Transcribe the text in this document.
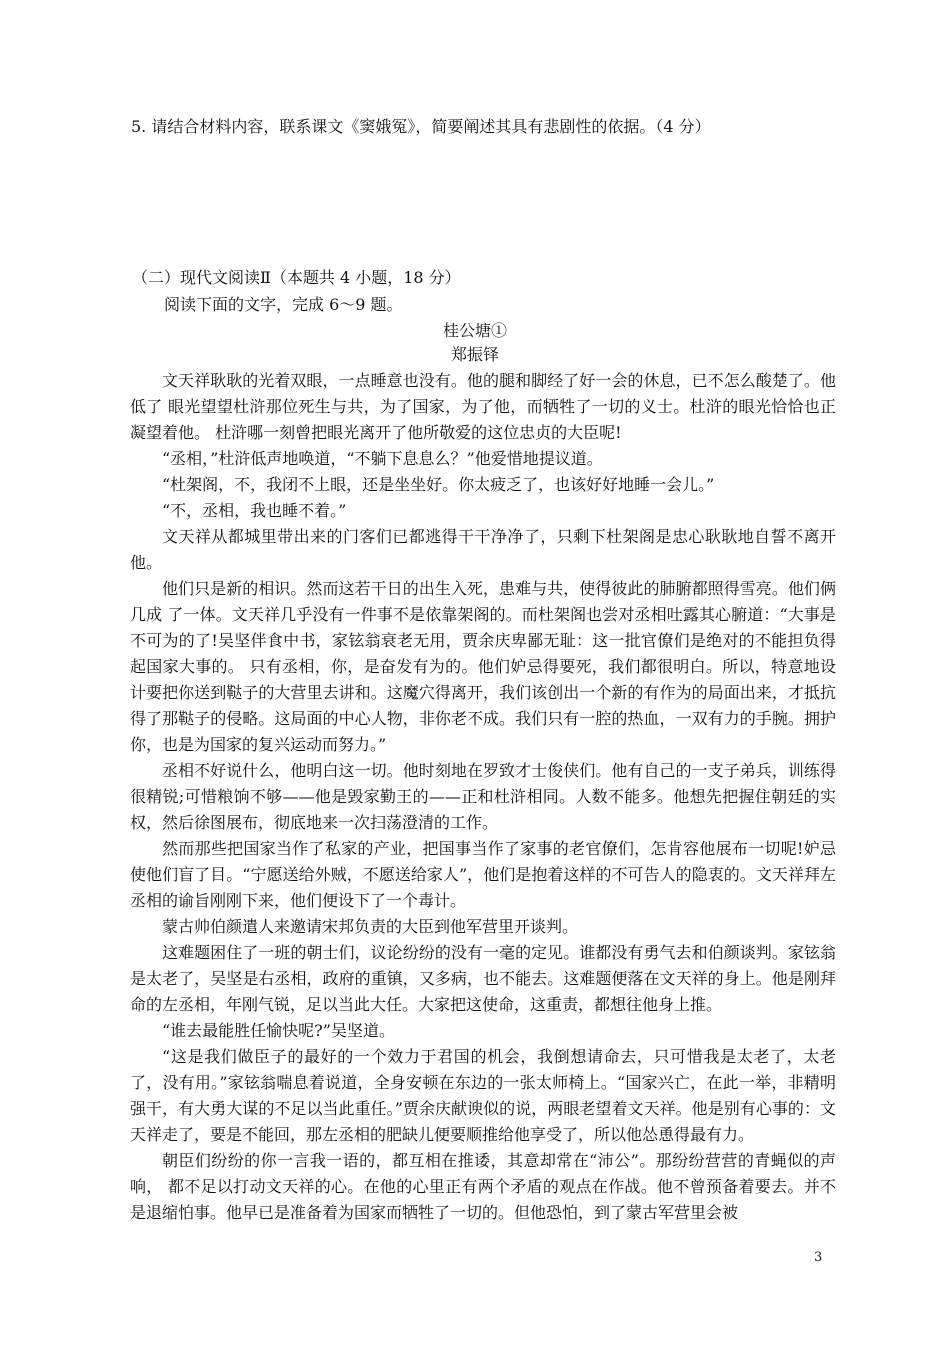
5. 请结合材料内容，联系课文《窦娥冤》，简要阐述其具有悲剧性的依据。（4 分）
（二）现代文阅读Ⅱ（本题共 4 小题，18 分）
阅读下面的文字，完成 6～9 题。
桂公塘①
郑振铎

文天祥耿耿的光着双眼，一点睡意也没有。他的腿和脚经了好一会的休息，已不怎么酸楚了。他低了 眼光望望杜浒那位死生与共，为了国家，为了他，而牺牲了一切的义士。杜浒的眼光恰恰也正凝望着他。 杜浒哪一刻曾把眼光离开了他所敬爱的这位忠贞的大臣呢!

“丞相，”杜浒低声地唤道，“不躺下息息么？”他爱惜地提议道。

“杜架阁，不，我闭不上眼，还是坐坐好。你太疲乏了，也该好好地睡一会儿。”

“不，丞相，我也睡不着。”

文天祥从都城里带出来的门客们已都逃得干干净净了，只剩下杜架阁是忠心耿耿地自誓不离开他。

他们只是新的相识。然而这若干日的出生入死，患难与共，使得彼此的肺腑都照得雪亮。他们俩几成 了一体。文天祥几乎没有一件事不是依靠架阁的。而杜架阁也尝对丞相吐露其心腑道：“大事是不可为的了!吴坚伴食中书，家铉翁衰老无用，贾余庆卑鄙无耻：这一批官僚们是绝对的不能担负得起国家大事的。 只有丞相，你，是奋发有为的。他们妒忌得要死，我们都很明白。所以，特意地设计要把你送到鞑子的大营里去讲和。这魔穴得离开，我们该创出一个新的有作为的局面出来，才抵抗得了那鞑子的侵略。这局面的中心人物，非你老不成。我们只有一腔的热血，一双有力的手腕。拥护你，也是为国家的复兴运动而努力。”

丞相不好说什么，他明白这一切。他时刻地在罗致才士俊侠们。他有自己的一支子弟兵，训练得很精锐;可惜粮饷不够——他是毁家勤王的——正和杜浒相同。人数不能多。他想先把握住朝廷的实权，然后徐图展布，彻底地来一次扫荡澄清的工作。

然而那些把国家当作了私家的产业，把国事当作了家事的老官僚们，怎肯容他展布一切呢!妒忌使他们盲了目。“宁愿送给外贼，不愿送给家人”，他们是抱着这样的不可告人的隐衷的。文天祥拜左丞相的谕旨刚刚下来，他们便设下了一个毒计。

蒙古帅伯颜遣人来邀请宋邦负责的大臣到他军营里开谈判。

这难题困住了一班的朝士们，议论纷纷的没有一毫的定见。谁都没有勇气去和伯颜谈判。家铉翁是太老了，吴坚是右丞相，政府的重镇，又多病，也不能去。这难题便落在文天祥的身上。他是刚拜命的左丞相，年刚气锐，足以当此大任。大家把这使命，这重责，都想往他身上推。

“谁去最能胜任愉快呢?”吴坚道。

“这是我们做臣子的最好的一个效力于君国的机会，我倒想请命去，只可惜我是太老了，太老了，没有用。”家铉翁喘息着说道，全身安顿在东边的一张太师椅上。“国家兴亡，在此一举，非精明强干，有大勇大谋的不足以当此重任。”贾余庆献谀似的说，两眼老望着文天祥。他是别有心事的：文天祥走了，要是不能回，那左丞相的肥缺儿便要顺推给他享受了，所以他怂恿得最有力。

朝臣们纷纷的你一言我一语的，都互相在推诿，其意却常在“沛公”。那纷纷营营的青蝇似的声响， 都不足以打动文天祥的心。在他的心里正有两个矛盾的观点在作战。他不曾预备着要去。并不是退缩怕事。他早已是准备着为国家而牺牲了一切的。但他恐怕，到了蒙古军营里会被

3
